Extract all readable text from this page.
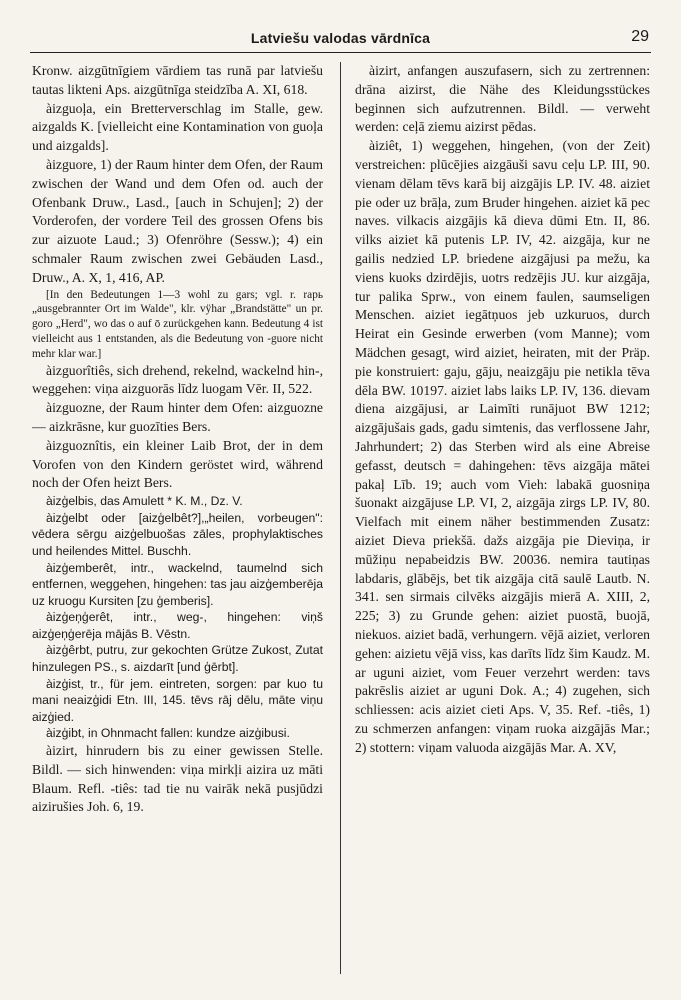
Latviešu valodas vārdnīca	29

Kronw. aizgūtnīgiem vārdiem tas runā par latviešu tautas likteni Aps. aizgūtnīga steidzība A. XI, 618.

àizguoļa, ein Bretterverschlag im Stalle, gew. aizgalds K. [vielleicht eine Kontamination von guoļa und aizgalds].

àizguore, 1) der Raum hinter dem Ofen, der Raum zwischen der Wand und dem Ofen od. auch der Ofenbank Druw., Lasd., [auch in Schujen]; 2) der Vorderofen, der vordere Teil des grossen Ofens bis zur aizuote Laud.; 3) Ofenröhre (Sessw.); 4) ein schmaler Raum zwischen zwei Gebäuden Lasd., Druw., A. X, 1, 416, AP.

[In den Bedeutungen 1—3 wohl zu gars; vgl. r. rapь „ausgebrannter Ort im Walde", klr. vÿhar „Brandstätte" un pr. goro „Herd", wo das o auf ō zurückgehen kann. Bedeutung 4 ist vielleicht aus 1 entstanden, als die Bedeutung von -guore nicht mehr klar war.]

àizguorîtiês, sich drehend, rekelnd, wackelnd hin-, weggehen: viņa aizguorās līdz luogam Vēr. II, 522.

àizguozne, der Raum hinter dem Ofen: aizguozne — aizkrāsne, kur guozīties Bers.

àizguoznîtis, ein kleiner Laib Brot, der in dem Vorofen von den Kindern geröstet wird, während noch der Ofen heizt Bers.

àizģelbis, das Amulett * K. M., Dz. V.

àizģelbt oder [aizģelbêt?],„heilen, vorbeugen": vēdera sērgu aizģelbuošas zāles, prophylaktisches und heilendes Mittel. Buschh.

àizģemberêt, intr., wackelnd, taumelnd sich entfernen, weggehen, hingehen: tas jau aizģemberēja uz kruogu Kursiten [zu ģemberis].

àizģeņģerêt, intr., weg-, hingehen: viņš aizģeņģerēja mājās B. Vēstn.

àizģêrbt, putru, zur gekochten Grütze Zukost, Zutat hinzulegen PS., s. aizdarīt [und ģērbt].

àizģist, tr., für jem. eintreten, sorgen: par kuo tu mani neaizģidi Etn. III, 145. tēvs rāj dēlu, māte viņu aizģied.

àizģibt, in Ohnmacht fallen: kundze aizģibusi.

àizirt, hinrudern bis zu einer gewissen Stelle. Bildl. — sich hinwenden: viņa mirkļi aizira uz māti Blaum. Refl. -tiês: tad tie nu vairāk nekā pusjūdzi aizirušies Joh. 6, 19.

àizirt, anfangen auszufasern, sich zu zertrennen: drāna aizirst, die Nähe des Kleidungsstückes beginnen sich aufzutrennen. Bildl. — verweht werden: ceļā ziemu aizirst pēdas.

àiziêt, 1) weggehen, hingehen, (von der Zeit) verstreichen: plūcējies aizgāuši savu ceļu LP. III, 90. vienam dēlam tēvs karā bij aizgājis LP. IV. 48. aiziet pie oder uz brāļa, zum Bruder hingehen. aiziet kā pec naves. vilkacis aizgājis kā dieva dūmi Etn. II, 86. vilks aiziet kā putenis LP. IV, 42. aizgāja, kur ne gailis nedzied LP. briedene aizgājusi pa mežu, ka viens kuoks dzirdējis, uotrs redzējis JU. kur aizgāja, tur palika Sprw., von einem faulen, saumseligen Menschen. aiziet iegātņuos jeb uzkuruos, durch Heirat ein Gesinde erwerben (vom Manne); vom Mädchen gesagt, wird aiziet, heiraten, mit der Präp. pie konstruiert: gaju, gāju, neaizgāju pie netikla tēva dēla BW. 10197. aiziet labs laiks LP. IV, 136. dievam diena aizgājusi, ar Laimīti runājuot BW 1212; aizgājušais gads, gadu simtenis, das verflossene Jahr, Jahrhundert; 2) das Sterben wird als eine Abreise gefasst, deutsch = dahingehen: tēvs aizgāja mātei pakaļ Līb. 19; auch vom Vieh: labakā guosniņa šuonakt aizgājuse LP. VI, 2, aizgāja zirgs LP. IV, 80. Vielfach mit einem näher bestimmenden Zusatz: aiziet Dieva priekšā. dažs aizgāja pie Dieviņa, ir mūžiņu nepabeidzis BW. 20036. nemira tautiņas labdaris, glābējs, bet tik aizgāja citā saulē Lautb. N. 341. sen sirmais cilvēks aizgājis mierā A. XIII, 2, 225; 3) zu Grunde gehen: aiziet puostā, buojā, niekuos. aiziet badā, verhungern. vējā aiziet, verloren gehen: aizietu vējā viss, kas darīts līdz šim Kaudz. M. ar uguni aiziet, vom Feuer verzehrt werden: tavs pakrēslis aiziet ar uguni Dok. A.; 4) zugehen, sich schliessen: acis aiziet cieti Aps. V, 35. Ref. -tiês, 1) zu schmerzen anfangen: viņam ruoka aizgājās Mar.; 2) stottern: viņam valuoda aizgājās Mar. A. XV,
